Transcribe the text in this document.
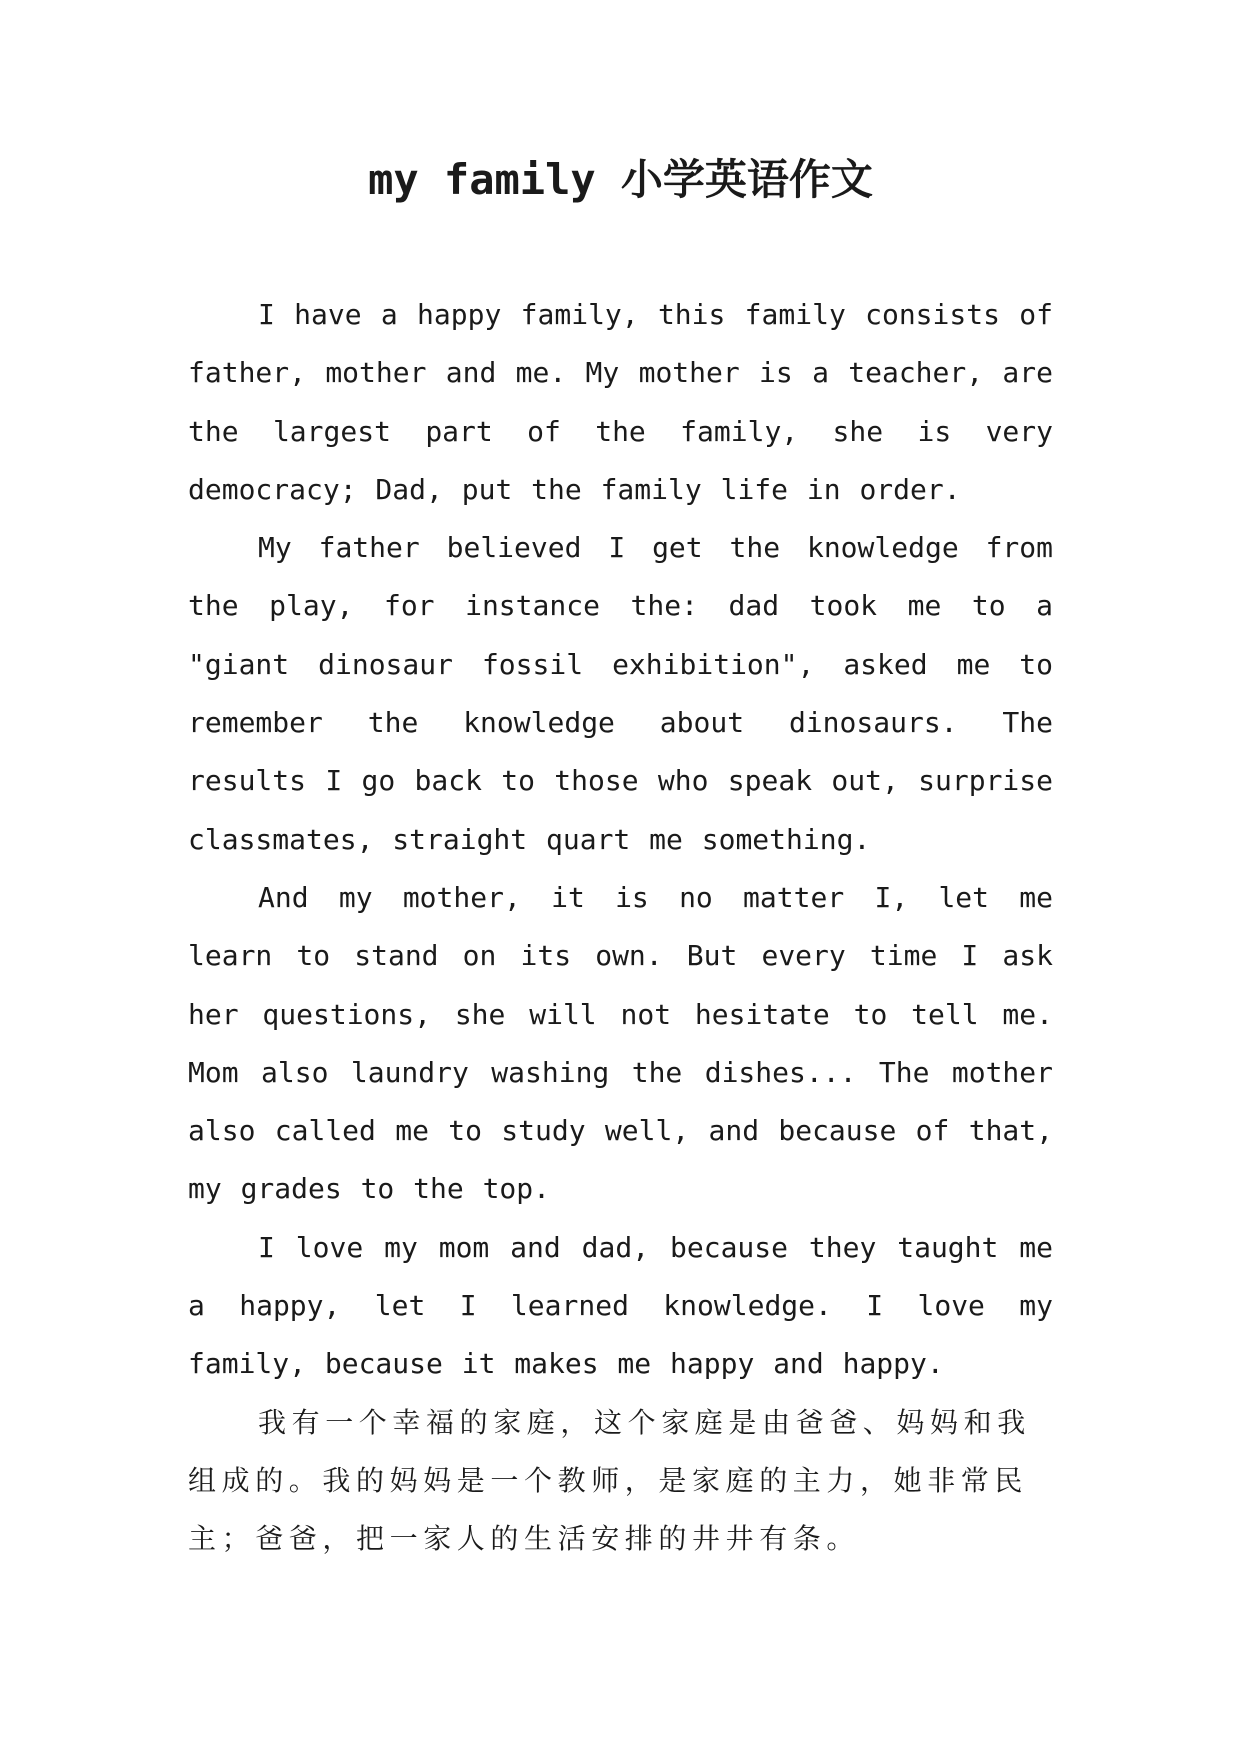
my family 小学英语作文

I have a happy family, this family consists of father, mother and me. My mother is a teacher, are the largest part of the family, she is very democracy; Dad, put the family life in order.

My father believed I get the knowledge from the play, for instance the: dad took me to a "giant dinosaur fossil exhibition", asked me to remember the knowledge about dinosaurs. The results I go back to those who speak out, surprise classmates, straight quart me something.

And my mother, it is no matter I, let me learn to stand on its own. But every time I ask her questions, she will not hesitate to tell me. Mom also laundry washing the dishes... The mother also called me to study well, and because of that, my grades to the top.

I love my mom and dad, because they taught me a happy, let I learned knowledge. I love my family, because it makes me happy and happy.

我有一个幸福的家庭，这个家庭是由爸爸、妈妈和我组成的。我的妈妈是一个教师，是家庭的主力，她非常民主；爸爸，把一家人的生活安排的井井有条。
